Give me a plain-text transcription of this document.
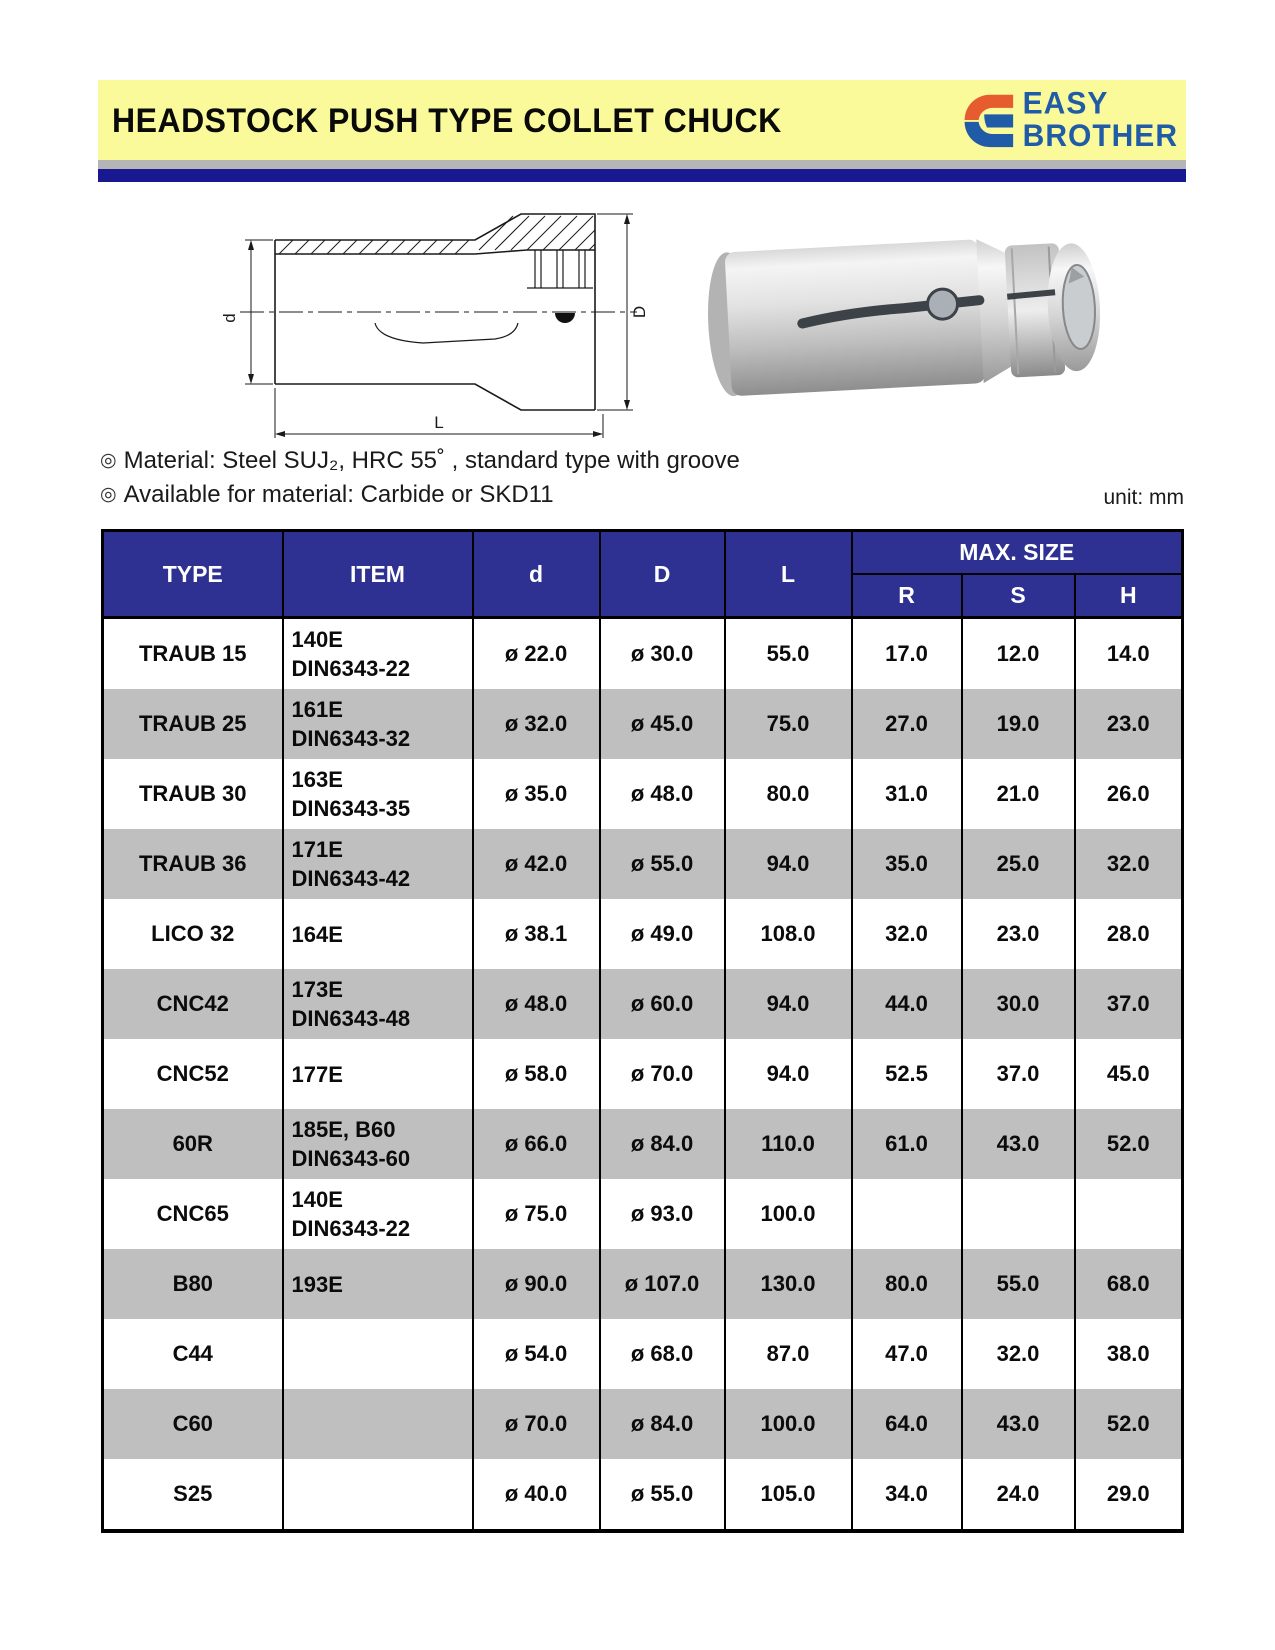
HEADSTOCK PUSH TYPE COLLET CHUCK	EASY
BROTHER
d	D
L
◎ Material: Steel SUJ₂, HRC 55˚ , standard type with groove
◎ Available for material: Carbide or SKD11	unit: mm
TYPE	ITEM	d	D	L	MAX. SIZE		
					R	S	H
TRAUB 15	140E
DIN6343-22	ø 22.0	ø 30.0	55.0	17.0	12.0	14.0
TRAUB 25	161E
DIN6343-32	ø 32.0	ø 45.0	75.0	27.0	19.0	23.0
TRAUB 30	163E
DIN6343-35	ø 35.0	ø 48.0	80.0	31.0	21.0	26.0
TRAUB 36	171E
DIN6343-42	ø 42.0	ø 55.0	94.0	35.0	25.0	32.0
LICO 32	164E	ø 38.1	ø 49.0	108.0	32.0	23.0	28.0
CNC42	173E
DIN6343-48	ø 48.0	ø 60.0	94.0	44.0	30.0	37.0
CNC52	177E	ø 58.0	ø 70.0	94.0	52.5	37.0	45.0
60R	185E, B60
DIN6343-60	ø 66.0	ø 84.0	110.0	61.0	43.0	52.0
CNC65	140E
DIN6343-22	ø 75.0	ø 93.0	100.0			
B80	193E	ø 90.0	ø 107.0	130.0	80.0	55.0	68.0
C44		ø 54.0	ø 68.0	87.0	47.0	32.0	38.0
C60		ø 70.0	ø 84.0	100.0	64.0	43.0	52.0
S25		ø 40.0	ø 55.0	105.0	34.0	24.0	29.0
